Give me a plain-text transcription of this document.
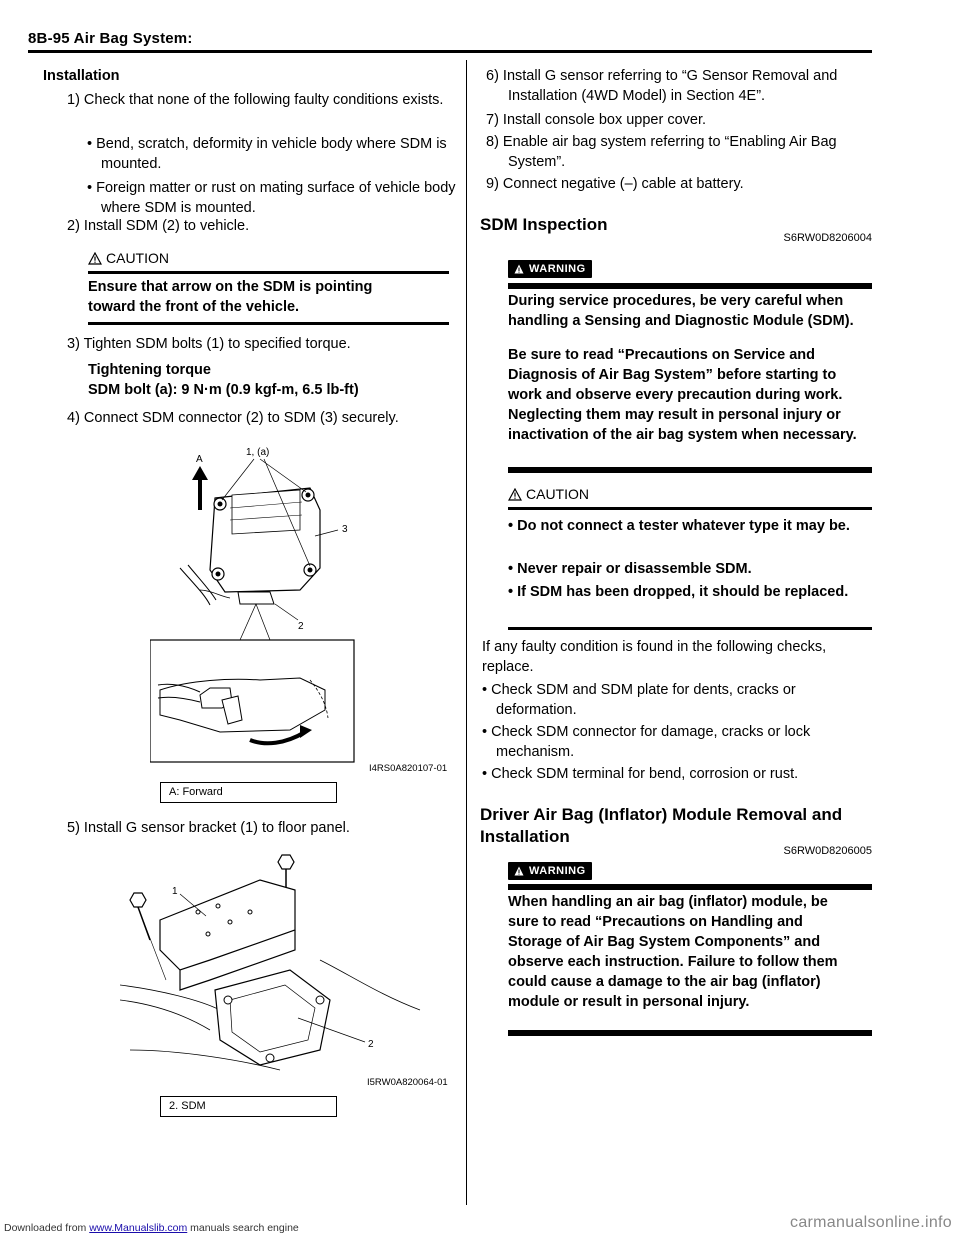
8B-95 Air Bag System:
Installation
1) Check that none of the following faulty conditions exists.
• Bend, scratch, deformity in vehicle body where SDM is mounted.
• Foreign matter or rust on mating surface of vehicle body where SDM is mounted.
2) Install SDM (2) to vehicle.
CAUTION
Ensure that arrow on the SDM is pointing toward the front of the vehicle.
3) Tighten SDM bolts (1) to specified torque.
Tightening torque
SDM bolt (a): 9 N·m (0.9 kgf-m, 6.5 lb-ft)
4) Connect SDM connector (2) to SDM (3) securely.
A
1, (a)
3
2
I4RS0A820107-01
A: Forward
5) Install G sensor bracket (1) to floor panel.
1
2
I5RW0A820064-01
2. SDM
6) Install G sensor referring to “G Sensor Removal and Installation (4WD Model) in Section 4E”.
7) Install console box upper cover.
8) Enable air bag system referring to “Enabling Air Bag System”.
9) Connect negative (–) cable at battery.
SDM Inspection
S6RW0D8206004
WARNING
During service procedures, be very careful when handling a Sensing and Diagnostic Module (SDM).
Be sure to read “Precautions on Service and Diagnosis of Air Bag System” before starting to work and observe every precaution during work. Neglecting them may result in personal injury or inactivation of the air bag system when necessary.
CAUTION
• Do not connect a tester whatever type it may be.
• Never repair or disassemble SDM.
• If SDM has been dropped, it should be replaced.
If any faulty condition is found in the following checks, replace.
• Check SDM and SDM plate for dents, cracks or deformation.
• Check SDM connector for damage, cracks or lock mechanism.
• Check SDM terminal for bend, corrosion or rust.
Driver Air Bag (Inflator) Module Removal and Installation
S6RW0D8206005
WARNING
When handling an air bag (inflator) module, be sure to read “Precautions on Handling and Storage of Air Bag System Components” and observe each instruction. Failure to follow them could cause a damage to the air bag (inflator) module or result in personal injury.
Downloaded from www.Manualslib.com manuals search engine	carmanualsonline.info
